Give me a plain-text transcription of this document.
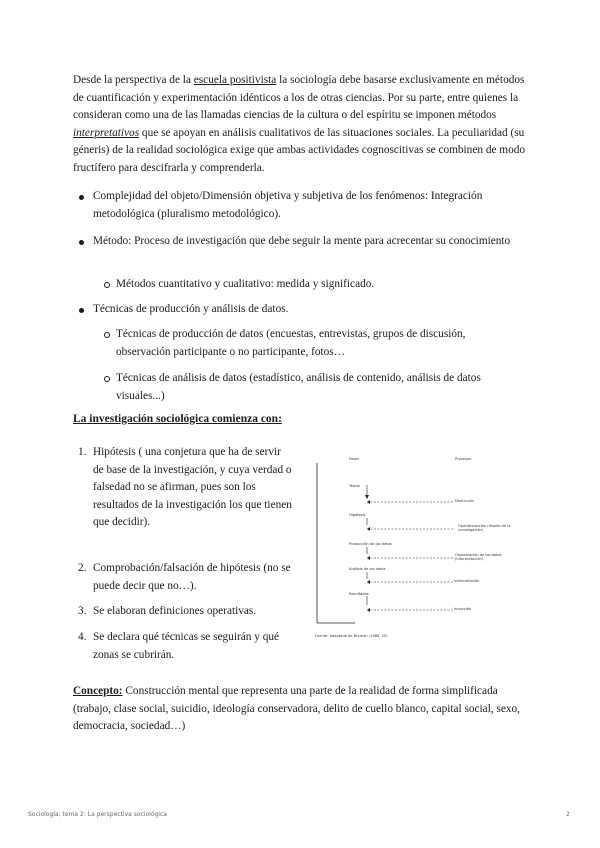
Desde la perspectiva de la escuela positivista la sociología debe basarse exclusivamente en métodos de cuantificación y experimentación idénticos a los de otras ciencias. Por su parte, entre quienes la consideran como una de las llamadas ciencias de la cultura o del espíritu se imponen métodos interpretativos que se apoyan en análisis cualitativos de las situaciones sociales. La peculiaridad (su géneris) de la realidad sociológica exige que ambas actividades cognoscitivas se combinen de modo fructífero para descifrarla y comprenderla.
Complejidad del objeto/Dimensión objetiva y subjetiva de los fenómenos: Integración metodológica (pluralismo metodológico).
Método: Proceso de investigación que debe seguir la mente para acrecentar su conocimiento
Métodos cuantitativo y cualitativo: medida y significado.
Técnicas de producción y análisis de datos.
Técnicas de producción de datos (encuestas, entrevistas, grupos de discusión, observación participante o no participante, fotos…
Técnicas de análisis de datos (estadístico, análisis de contenido, análisis de datos visuales...)
La investigación sociológica comienza con:
1. Hipótesis ( una conjetura que ha de servir de base de la investigación, y cuya verdad o falsedad no se afirman, pues son los resultados de la investigación los que tienen que decidir).
2. Comprobación/falsación de hipótesis (no se puede decir que no…).
3. Se elaboran definiciones operativas.
4. Se declara qué técnicas se seguirán y qué zonas se cubrirán.
Fases	Procesos
Teoría
Hipótesis
Producción de los datos
Análisis de los datos
Resultados
Deducción
Operativización (diseño de la investigación)
Organización de los datos (Interpretación)
Interpretación
Inducción
Fuente: Adaptado de Bryman (1988, 20)
Concepto: Construcción mental que representa una parte de la realidad de forma simplificada (trabajo, clase social, suicidio, ideología conservadora, delito de cuello blanco, capital social, sexo, democracia, sociedad…)
Sociología; tema 2: La perspectiva sociológica	2
